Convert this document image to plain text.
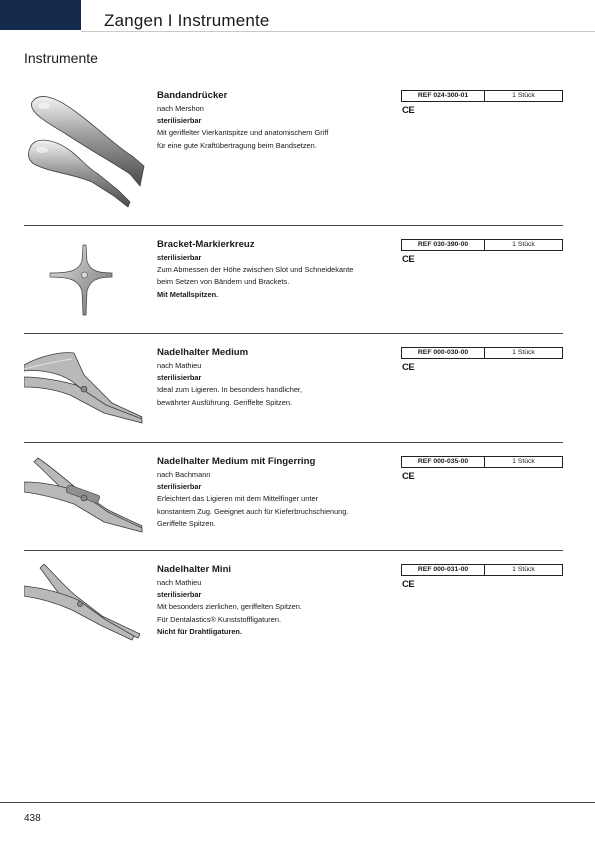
Zangen I Instrumente
Instrumente
Bandandrücker
nach Mershon
sterilisierbar
Mit geriffelter Vierkantspitze und anatomischem Griff
für eine gute Kraftübertragung beim Bandsetzen.
REF 024-300-01	1 Stück
CE
Bracket-Markierkreuz
sterilisierbar
Zum Abmessen der Höhe zwischen Slot und Schneidekante
beim Setzen von Bändern und Brackets.
Mit Metallspitzen.
REF 030-390-00	1 Stück
CE
Nadelhalter Medium
nach Mathieu
sterilisierbar
Ideal zum Ligieren. In besonders handlicher,
bewährter Ausführung. Geriffelte Spitzen.
REF 000-030-00	1 Stück
CE
Nadelhalter Medium mit Fingerring
nach Bachmann
sterilisierbar
Erleichtert das Ligieren mit dem Mittelfinger unter
konstantem Zug. Geeignet auch für Kieferbruchschienung.
Geriffelte Spitzen.
REF 000-035-00	1 Stück
CE
Nadelhalter Mini
nach Mathieu
sterilisierbar
Mit besonders zierlichen, geriffelten Spitzen.
Für Dentalastics® Kunststoffligaturen.
Nicht für Drahtligaturen.
REF 000-031-00	1 Stück
CE
438
